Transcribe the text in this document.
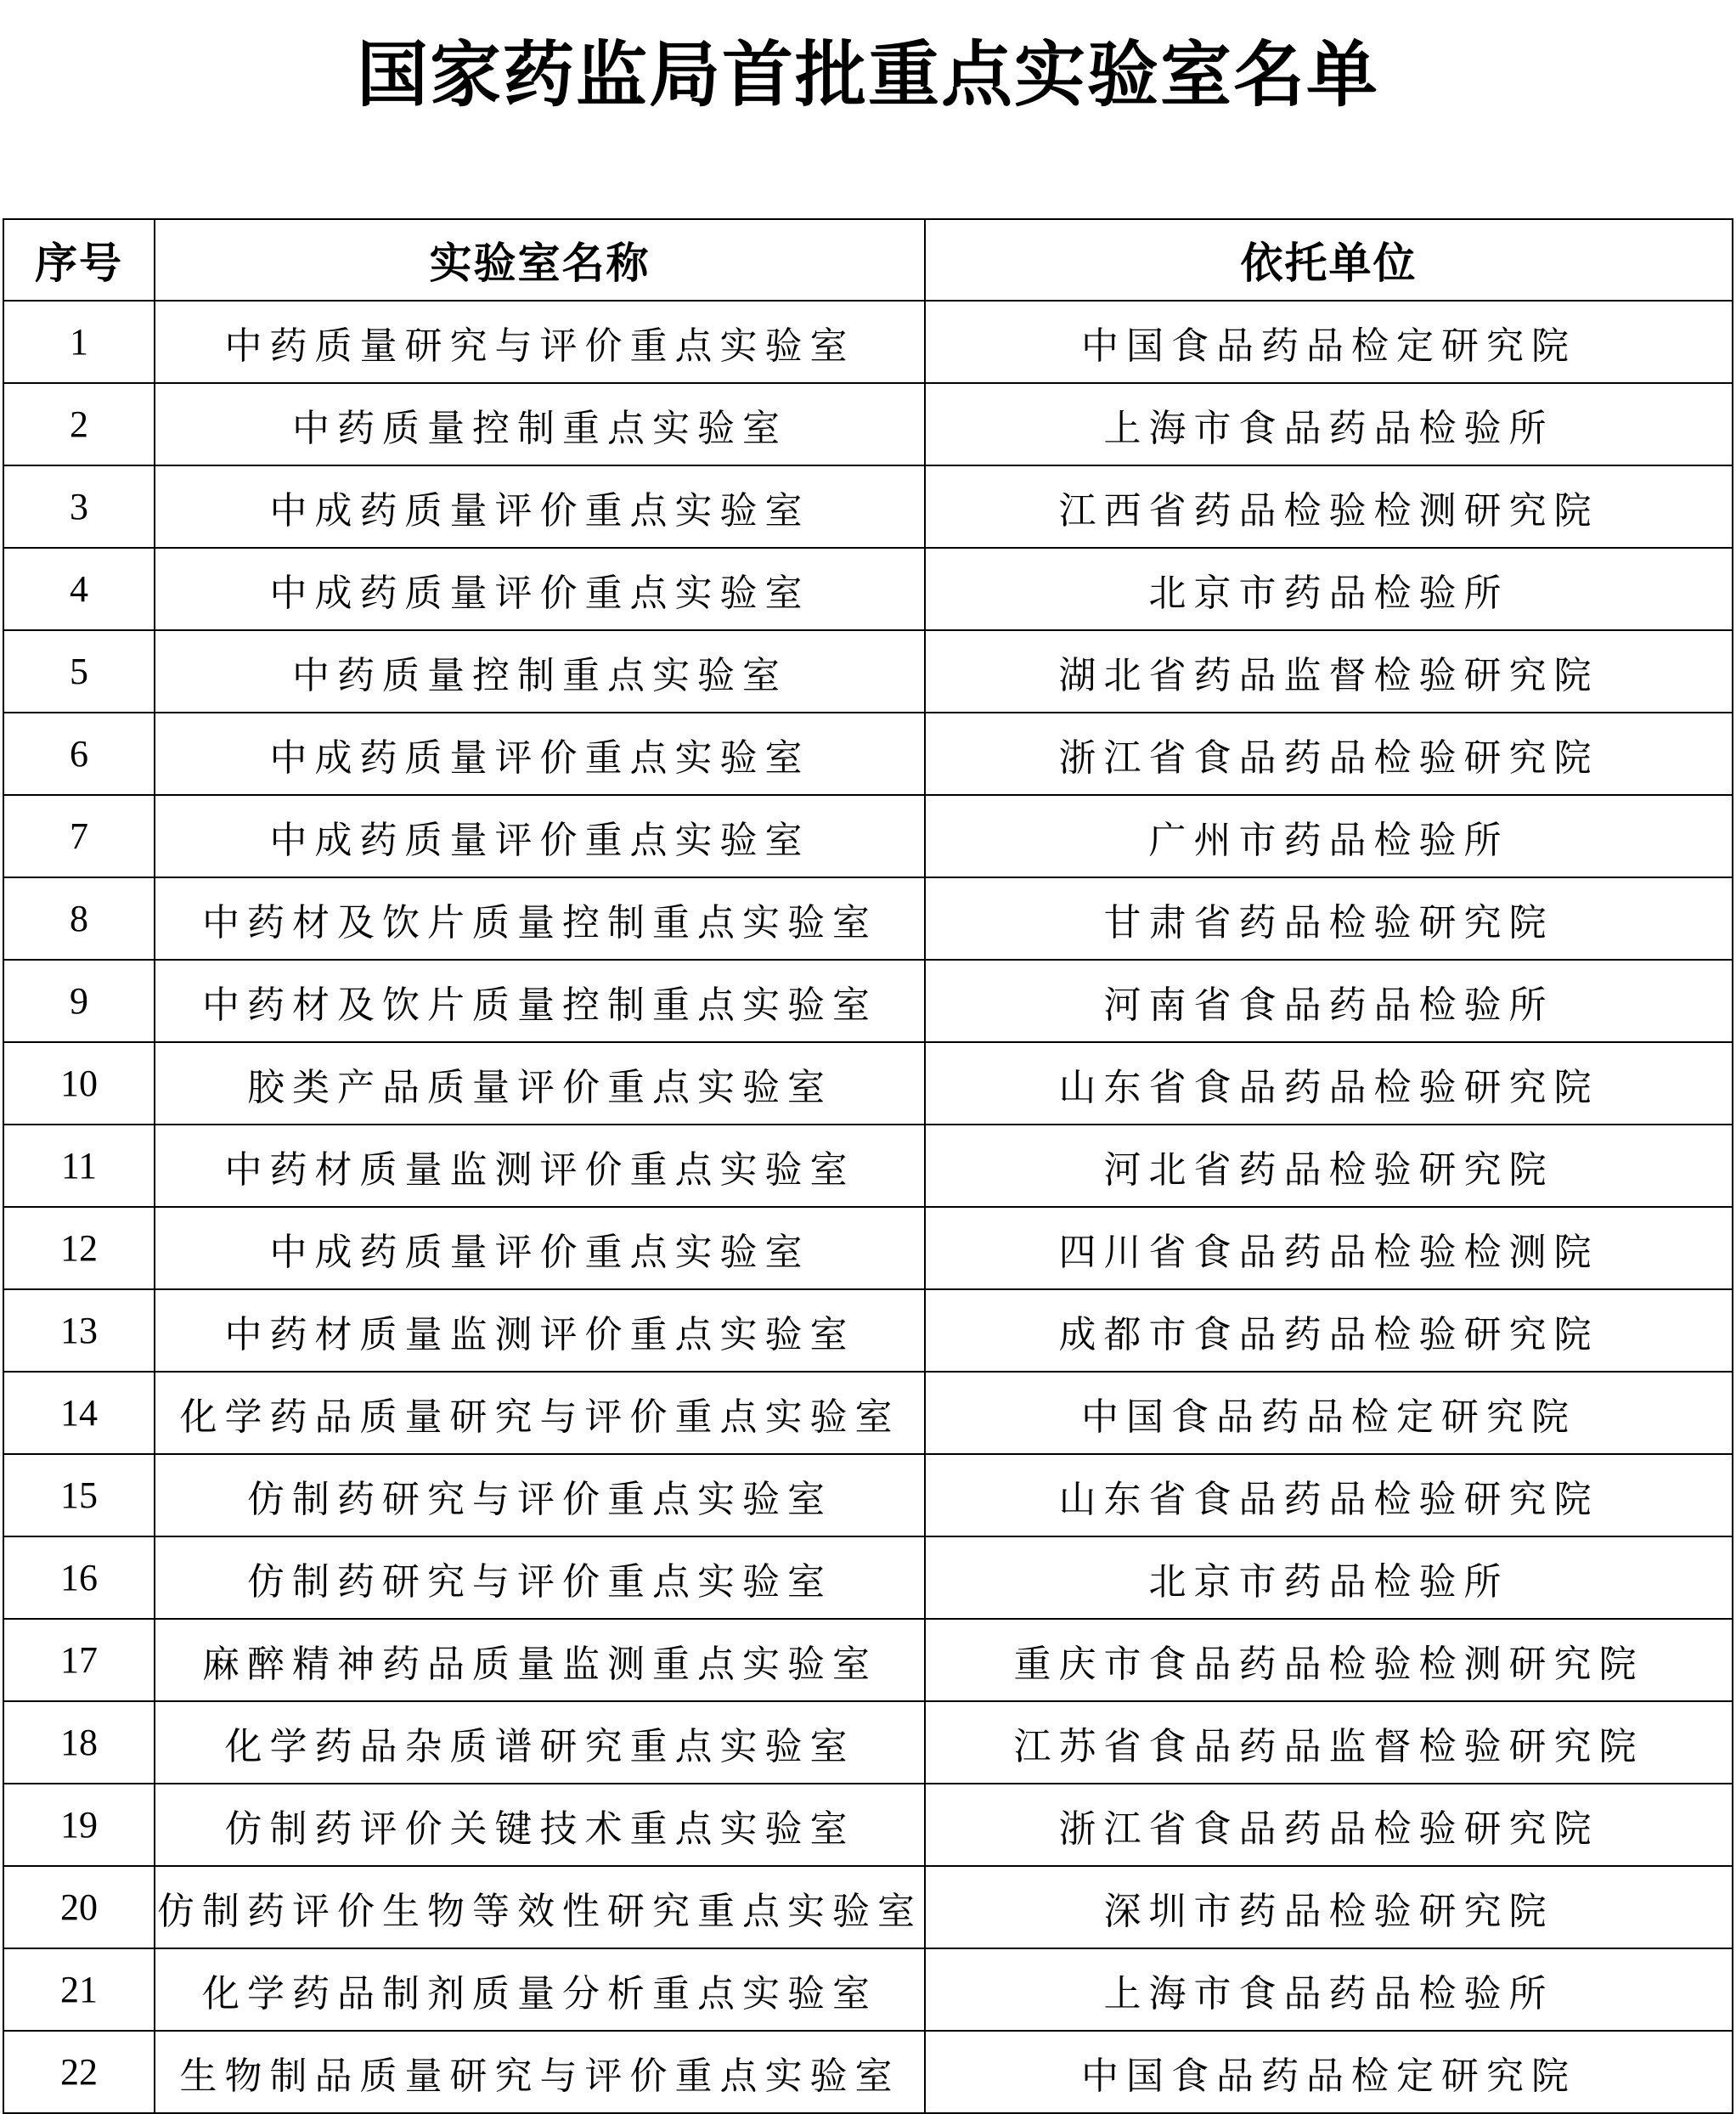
国家药监局首批重点实验室名单
序号	实验室名称	依托单位
1	中药质量研究与评价重点实验室	中国食品药品检定研究院
2	中药质量控制重点实验室	上海市食品药品检验所
3	中成药质量评价重点实验室	江西省药品检验检测研究院
4	中成药质量评价重点实验室	北京市药品检验所
5	中药质量控制重点实验室	湖北省药品监督检验研究院
6	中成药质量评价重点实验室	浙江省食品药品检验研究院
7	中成药质量评价重点实验室	广州市药品检验所
8	中药材及饮片质量控制重点实验室	甘肃省药品检验研究院
9	中药材及饮片质量控制重点实验室	河南省食品药品检验所
10	胶类产品质量评价重点实验室	山东省食品药品检验研究院
11	中药材质量监测评价重点实验室	河北省药品检验研究院
12	中成药质量评价重点实验室	四川省食品药品检验检测院
13	中药材质量监测评价重点实验室	成都市食品药品检验研究院
14	化学药品质量研究与评价重点实验室	中国食品药品检定研究院
15	仿制药研究与评价重点实验室	山东省食品药品检验研究院
16	仿制药研究与评价重点实验室	北京市药品检验所
17	麻醉精神药品质量监测重点实验室	重庆市食品药品检验检测研究院
18	化学药品杂质谱研究重点实验室	江苏省食品药品监督检验研究院
19	仿制药评价关键技术重点实验室	浙江省食品药品检验研究院
20	仿制药评价生物等效性研究重点实验室	深圳市药品检验研究院
21	化学药品制剂质量分析重点实验室	上海市食品药品检验所
22	生物制品质量研究与评价重点实验室	中国食品药品检定研究院
